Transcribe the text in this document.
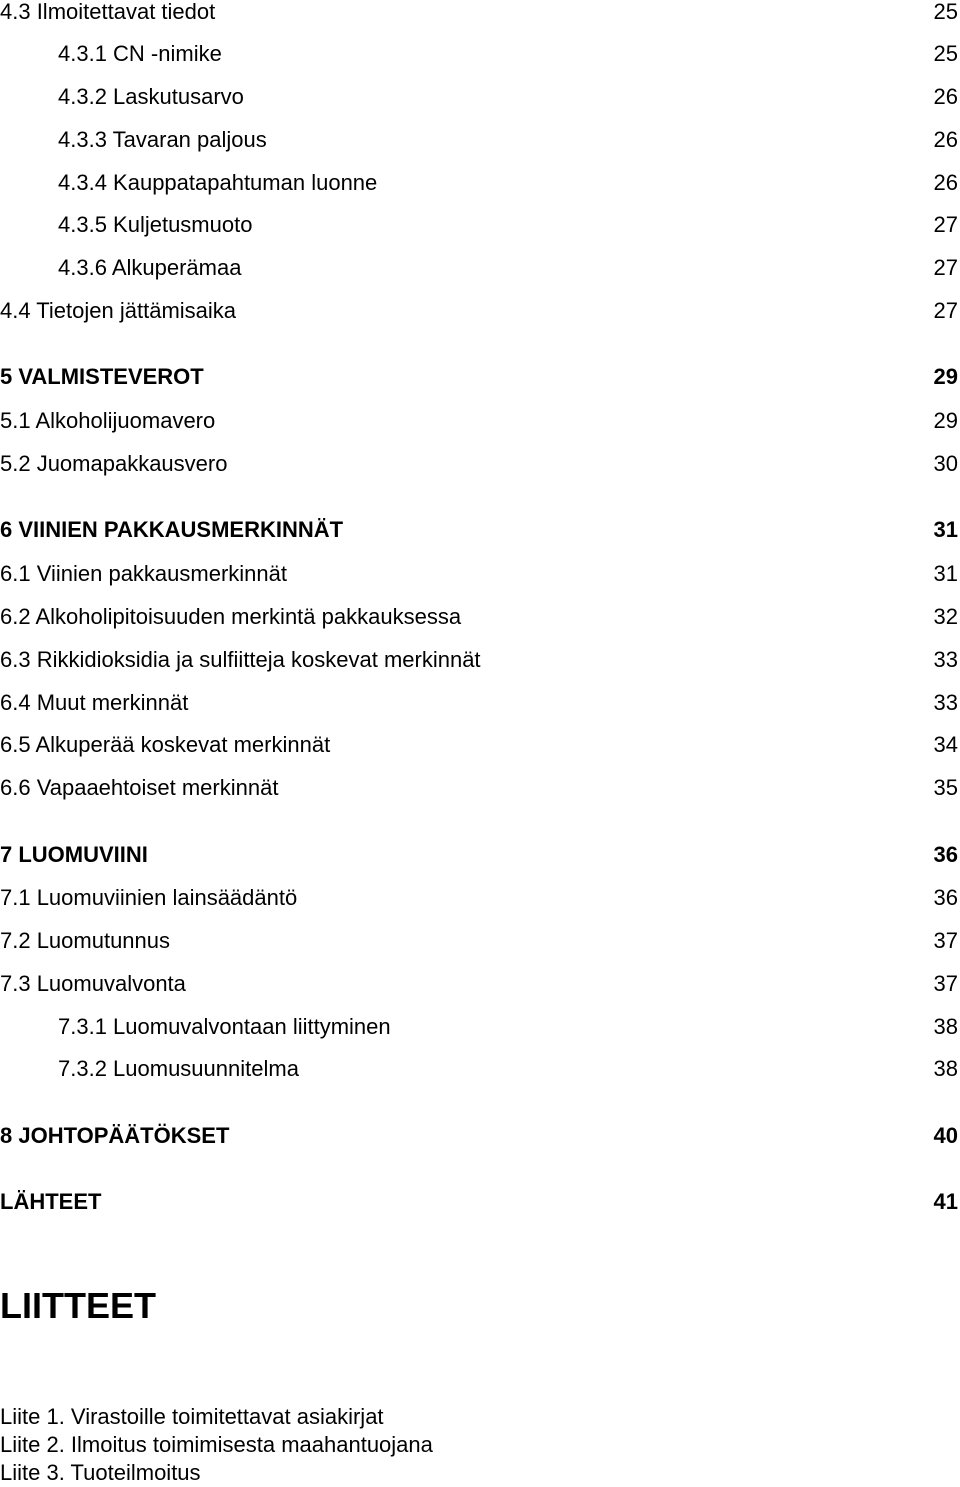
4.3 Ilmoitettavat tiedot	25
4.3.1 CN -nimike	25
4.3.2 Laskutusarvo	26
4.3.3 Tavaran paljous	26
4.3.4 Kauppatapahtuman luonne	26
4.3.5 Kuljetusmuoto	27
4.3.6 Alkuperämaa	27
4.4 Tietojen jättämisaika	27
5 VALMISTEVEROT	29
5.1 Alkoholijuomavero	29
5.2 Juomapakkausvero	30
6 VIINIEN PAKKAUSMERKINNÄT	31
6.1 Viinien pakkausmerkinnät	31
6.2 Alkoholipitoisuuden merkintä pakkauksessa	32
6.3 Rikkidioksidia ja sulfiitteja koskevat merkinnät	33
6.4 Muut merkinnät	33
6.5 Alkuperää koskevat merkinnät	34
6.6 Vapaaehtoiset merkinnät	35
7 LUOMUVIINI	36
7.1 Luomuviinien lainsäädäntö	36
7.2 Luomutunnus	37
7.3 Luomuvalvonta	37
7.3.1 Luomuvalvontaan liittyminen	38
7.3.2 Luomusuunnitelma	38
8 JOHTOPÄÄTÖKSET	40
LÄHTEET	41
LIITTEET
Liite 1. Virastoille toimitettavat asiakirjat
Liite 2. Ilmoitus toimimisesta maahantuojana
Liite 3. Tuoteilmoitus
